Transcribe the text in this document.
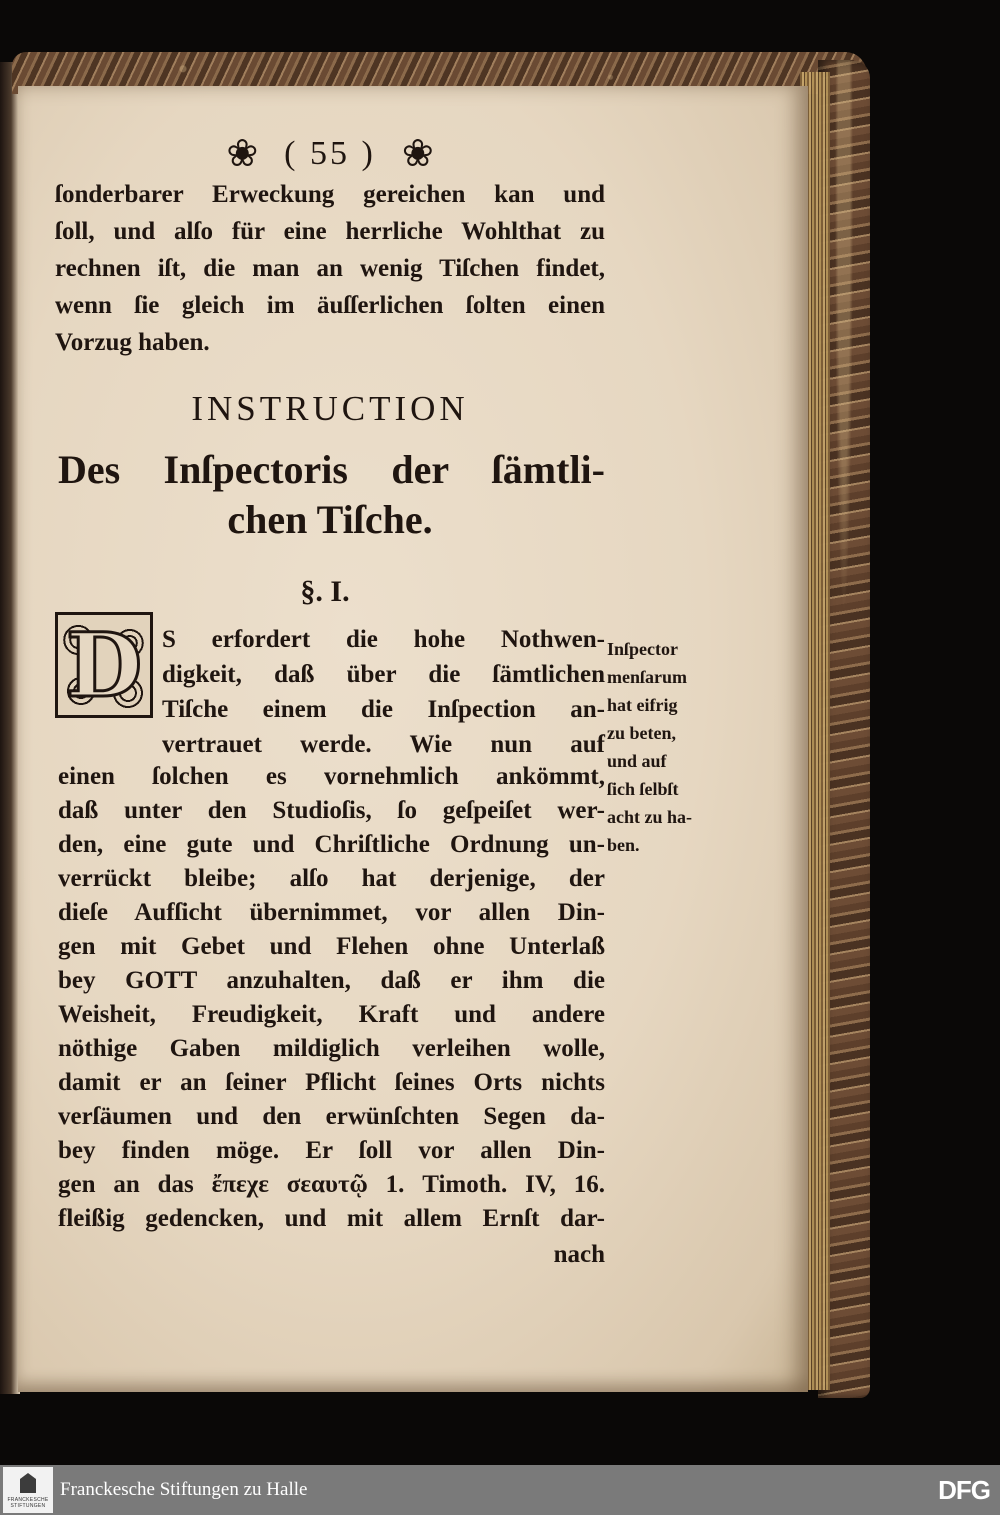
❀ ( 55 )❀
ſonderbarer Erweckung gereichen kan und
ſoll, und alſo für eine herrliche Wohlthat zu
rechnen iſt, die man an wenig Tiſchen findet,
wenn ſie gleich im äuſſerlichen ſolten einen
Vorzug haben.
INSTRUCTION
Des Inſpectoris der ſämtli-
chen Tiſche.
§. I.
D S erfordert die hohe Nothwen-
digkeit, daß über die ſämtlichen
Tiſche einem die Inſpection an-
vertrauet werde. Wie nun auf
einen ſolchen es vornehmlich ankömmt,
daß unter den Studioſis, ſo geſpeiſet wer-
den, eine gute und Chriſtliche Ordnung un-
verrückt bleibe; alſo hat derjenige, der
dieſe Aufſicht übernimmet, vor allen Din-
gen mit Gebet und Flehen ohne Unterlaß
bey GOTT anzuhalten, daß er ihm die
Weisheit, Freudigkeit, Kraft und andere
nöthige Gaben mildiglich verleihen wolle,
damit er an ſeiner Pflicht ſeines Orts nichts
verſäumen und den erwünſchten Segen da-
bey finden möge. Er ſoll vor allen Din-
gen an das ἔπεχε σεαυτῷ 1. Timoth. IV, 16.
fleißig gedencken, und mit allem Ernſt dar-
nach
Inſpector
menſarum
hat eifrig
zu beten,
und auf
ſich ſelbſt
acht zu ha-
ben.
FRANCKESCHE
STIFTUNGEN
Franckesche Stiftungen zu Halle	DFG
